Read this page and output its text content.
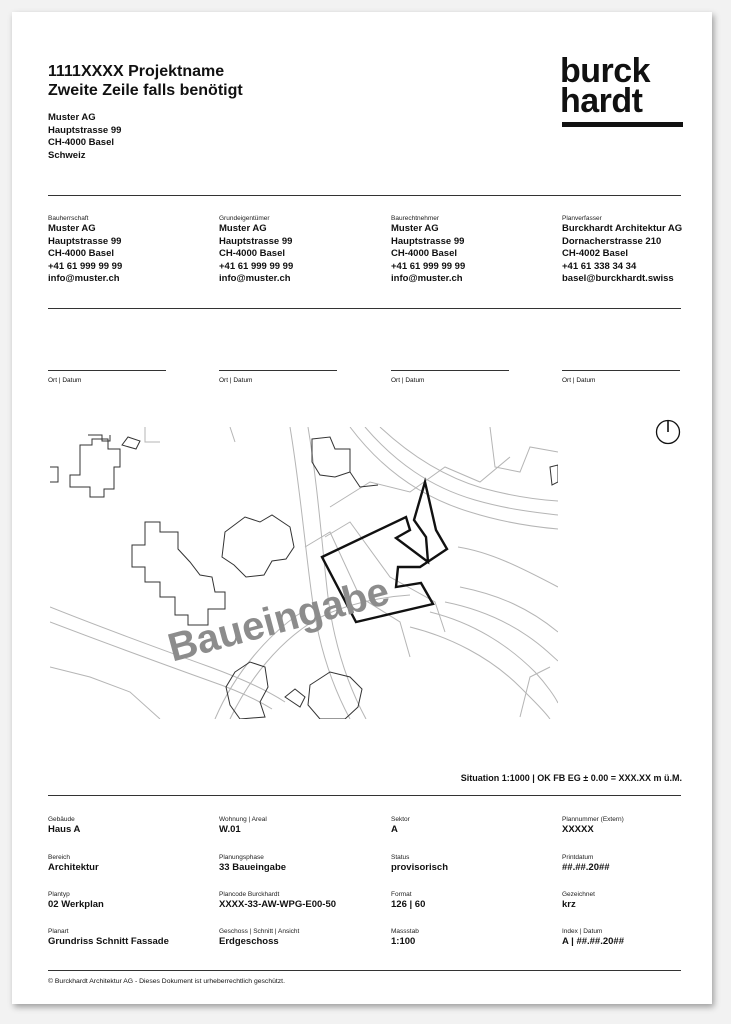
1111XXXX Projektname
Zweite Zeile falls benötigt
Muster AG
Hauptstrasse 99
CH-4000 Basel
Schweiz
burck
hardt
Bauherrschaft
Muster AG
Hauptstrasse 99
CH-4000 Basel
+41 61 999 99 99
info@muster.ch
Grundeigentümer
Muster AG
Hauptstrasse 99
CH-4000 Basel
+41 61 999 99 99
info@muster.ch
Baurechtnehmer
Muster AG
Hauptstrasse 99
CH-4000 Basel
+41 61 999 99 99
info@muster.ch
Planverfasser
Burckhardt Architektur AG
Dornacherstrasse 210
CH-4002 Basel
+41 61 338 34 34
basel@burckhardt.swiss
Ort | Datum	Ort | Datum	Ort | Datum	Ort | Datum
Baueingabe
Situation 1:1000 | OK FB EG ± 0.00 = XXX.XX m ü.M.
Gebäude
Haus A
Wohnung | Areal
W.01
Sektor
A
Plannummer (Extern)
XXXXX
Bereich
Architektur
Planungsphase
33 Baueingabe
Status
provisorisch
Printdatum
##.##.20##
Plantyp
02 Werkplan
Plancode Burckhardt
XXXX-33-AW-WPG-E00-50
Format
126 | 60
Gezeichnet
krz
Planart
Grundriss Schnitt Fassade
Geschoss | Schnitt | Ansicht
Erdgeschoss
Massstab
1:100
Index | Datum
A | ##.##.20##
© Burckhardt Architektur AG - Dieses Dokument ist urheberrechtlich geschützt.
